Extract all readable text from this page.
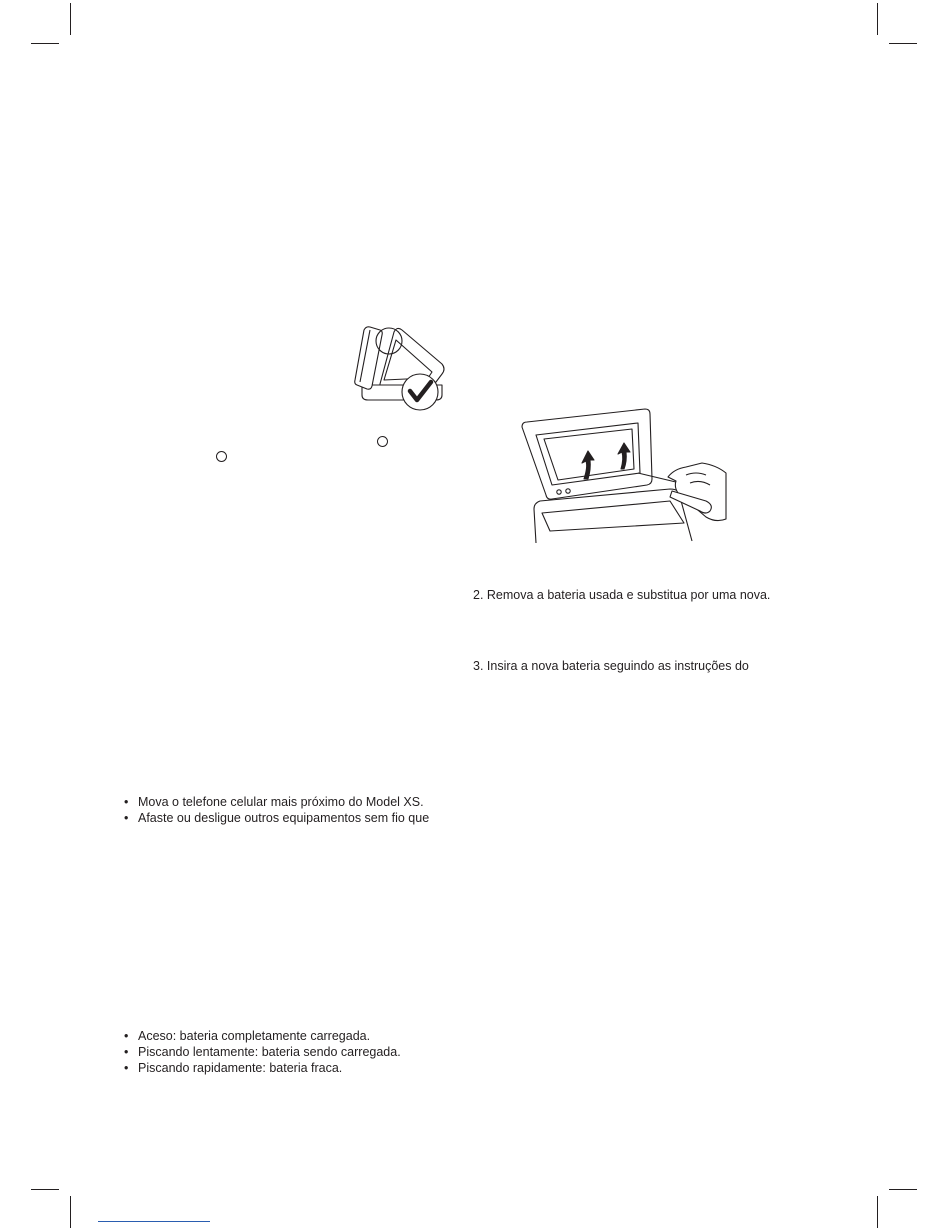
2. Remova a bateria usada e substitua por uma nova.
3. Insira a nova bateria seguindo as instruções do
• Mova o telefone celular mais próximo do Model XS.
• Afaste ou desligue outros equipamentos sem fio que
• Aceso: bateria completamente carregada.
• Piscando lentamente: bateria sendo carregada.
• Piscando rapidamente: bateria fraca.
